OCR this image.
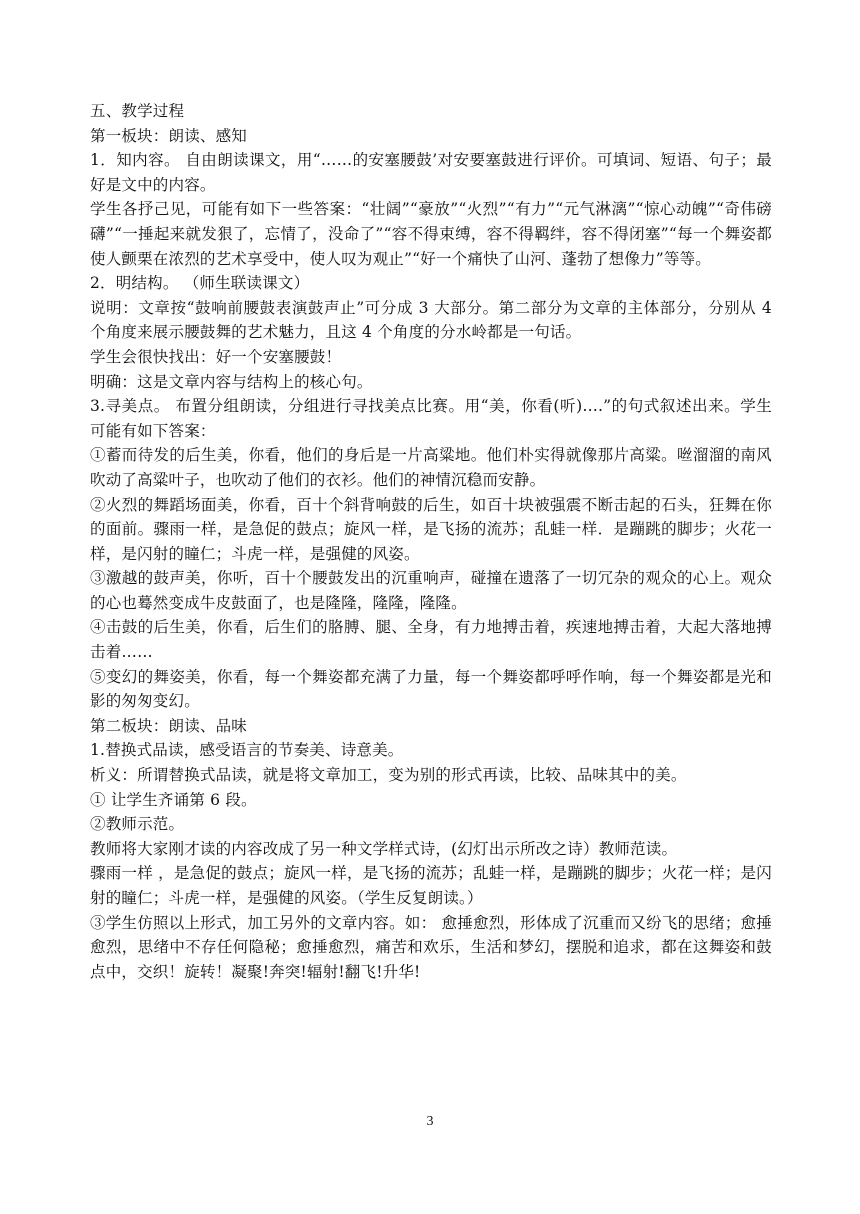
五、教学过程

第一板块：朗读、感知

1．知内容。 自由朗读课文，用“……的安塞腰鼓’对安要塞鼓进行评价。可填词、短语、句子；最好是文中的内容。

学生各抒己见，可能有如下一些答案：“壮阔”“豪放”“火烈”“有力”“元气淋漓”“惊心动魄”“奇伟磅礴”“一捶起来就发狠了，忘情了，没命了”“容不得束缚，容不得羁绊，容不得闭塞”“每一个舞姿都使人颤栗在浓烈的艺术享受中，使人叹为观止”“好一个痛快了山河、蓬勃了想像力”等等。

2．明结构。 （师生联读课文）

说明：文章按“鼓响前腰鼓表演鼓声止”可分成 3 大部分。第二部分为文章的主体部分，分别从 4 个角度来展示腰鼓舞的艺术魅力，且这 4 个角度的分水岭都是一句话。

学生会很快找出：好一个安塞腰鼓！

明确：这是文章内容与结构上的核心句。

3.寻美点。 布置分组朗读，分组进行寻找美点比赛。用“美，你看(听)….”的句式叙述出来。学生可能有如下答案：

①蓄而待发的后生美，你看，他们的身后是一片高粱地。他们朴实得就像那片高粱。咝溜溜的南风吹动了高粱叶子，也吹动了他们的衣衫。他们的神情沉稳而安静。

②火烈的舞蹈场面美，你看，百十个斜背响鼓的后生，如百十块被强震不断击起的石头，狂舞在你的面前。骤雨一样，是急促的鼓点；旋风一样，是飞扬的流苏；乱蛙一样．是蹦跳的脚步；火花一样，是闪射的瞳仁；斗虎一样，是强健的风姿。

③激越的鼓声美，你听，百十个腰鼓发出的沉重响声，碰撞在遗落了一切冗杂的观众的心上。观众的心也蓦然变成牛皮鼓面了，也是隆隆，隆隆，隆隆。

④击鼓的后生美，你看，后生们的胳膊、腿、全身，有力地搏击着，疾速地搏击着，大起大落地搏击着……

⑤变幻的舞姿美，你看，每一个舞姿都充满了力量，每一个舞姿都呼呼作响，每一个舞姿都是光和影的匆匆变幻。

第二板块：朗读、品味

1.替换式品读，感受语言的节奏美、诗意美。

析义：所谓替换式品读，就是将文章加工，变为别的形式再读，比较、品味其中的美。

① 让学生齐诵第 6 段。

②教师示范。

教师将大家刚才读的内容改成了另一种文学样式诗，(幻灯出示所改之诗）教师范读。

骤雨一样 ，是急促的鼓点；旋风一样，是飞扬的流苏；乱蛙一样，是蹦跳的脚步；火花一样；是闪射的瞳仁；斗虎一样，是强健的风姿。（学生反复朗读。）

③学生仿照以上形式，加工另外的文章内容。如： 愈捶愈烈，形体成了沉重而又纷飞的思绪；愈捶愈烈，思绪中不存任何隐秘；愈捶愈烈，痛苦和欢乐，生活和梦幻，摆脱和追求，都在这舞姿和鼓点中，交织！旋转！凝聚!奔突!辐射!翻飞!升华!

3
